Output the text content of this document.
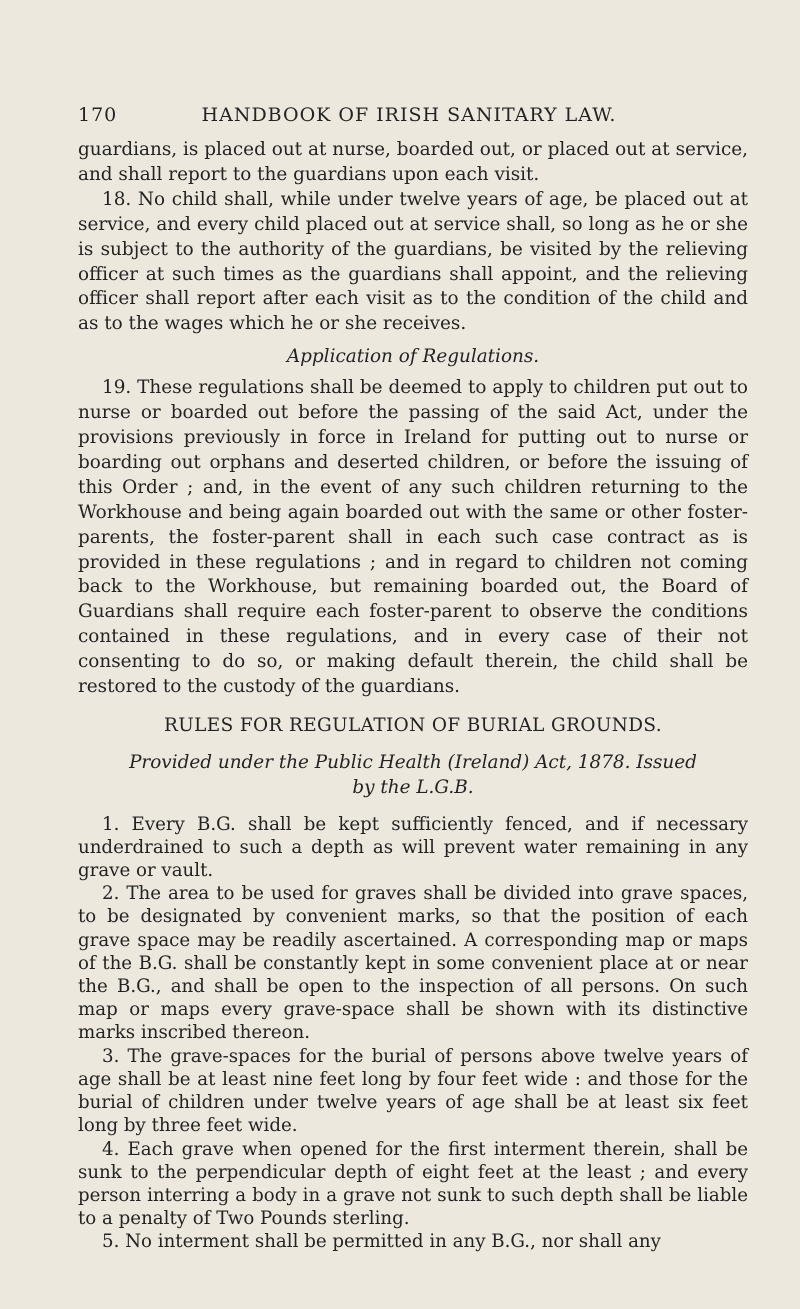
170	HANDBOOK OF IRISH SANITARY LAW.

guardians, is placed out at nurse, boarded out, or placed out at service, and shall report to the guardians upon each visit.

18. No child shall, while under twelve years of age, be placed out at service, and every child placed out at service shall, so long as he or she is subject to the authority of the guardians, be visited by the relieving officer at such times as the guardians shall appoint, and the relieving officer shall report after each visit as to the condition of the child and as to the wages which he or she receives.

Application of Regulations.

19. These regulations shall be deemed to apply to children put out to nurse or boarded out before the passing of the said Act, under the provisions previously in force in Ireland for putting out to nurse or boarding out orphans and deserted children, or before the issuing of this Order ; and, in the event of any such children returning to the Workhouse and being again boarded out with the same or other foster-parents, the foster-parent shall in each such case contract as is provided in these regulations ; and in regard to children not coming back to the Workhouse, but remaining boarded out, the Board of Guardians shall require each foster-parent to observe the conditions contained in these regulations, and in every case of their not consenting to do so, or making default therein, the child shall be restored to the custody of the guardians.

RULES FOR REGULATION OF BURIAL GROUNDS.
Provided under the Public Health (Ireland) Act, 1878. Issued
by the L.G.B.

1. Every B.G. shall be kept sufficiently fenced, and if necessary underdrained to such a depth as will prevent water remaining in any grave or vault.

2. The area to be used for graves shall be divided into grave spaces, to be designated by convenient marks, so that the position of each grave space may be readily ascertained. A corresponding map or maps of the B.G. shall be constantly kept in some convenient place at or near the B.G., and shall be open to the inspection of all persons. On such map or maps every grave-space shall be shown with its distinctive marks inscribed thereon.

3. The grave-spaces for the burial of persons above twelve years of age shall be at least nine feet long by four feet wide : and those for the burial of children under twelve years of age shall be at least six feet long by three feet wide.

4. Each grave when opened for the first interment therein, shall be sunk to the perpendicular depth of eight feet at the least ; and every person interring a body in a grave not sunk to such depth shall be liable to a penalty of Two Pounds sterling.

5. No interment shall be permitted in any B.G., nor shall any
